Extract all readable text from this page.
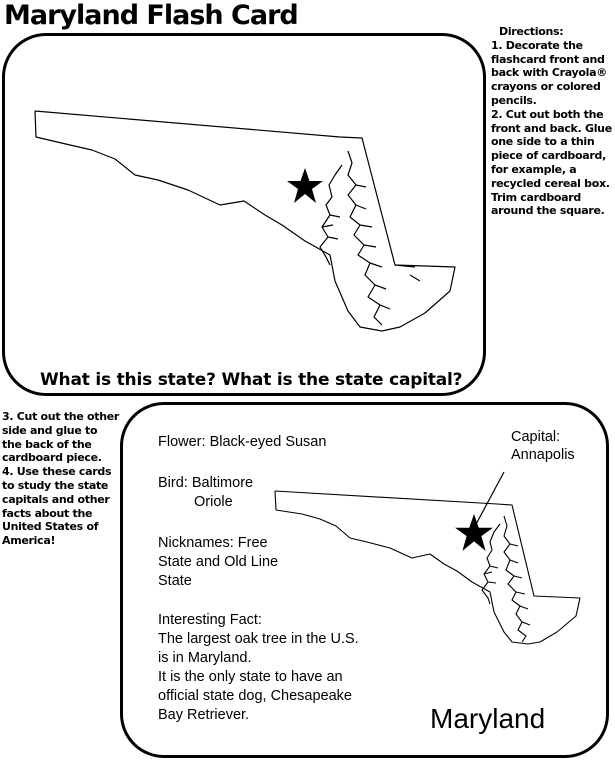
Maryland Flash Card
What is this state? What is the state capital?
Directions:
1. Decorate the
flashcard front and
back with Crayola®
crayons or colored
pencils.
2. Cut out both the
front and back. Glue
one side to a thin
piece of cardboard,
for example, a
recycled cereal box.
Trim cardboard
around the square.
3. Cut out the other
side and glue to
the back of the
cardboard piece.
4. Use these cards
to study the state
capitals and other
facts about the
United States of
America!
Flower: Black-eyed Susan
Bird: Baltimore
Oriole
Nicknames: Free
State and Old Line
State
Interesting Fact:
The largest oak tree in the U.S.
is in Maryland.
It is the only state to have an
official state dog, Chesapeake
Bay Retriever.
Capital:
Annapolis
Maryland
